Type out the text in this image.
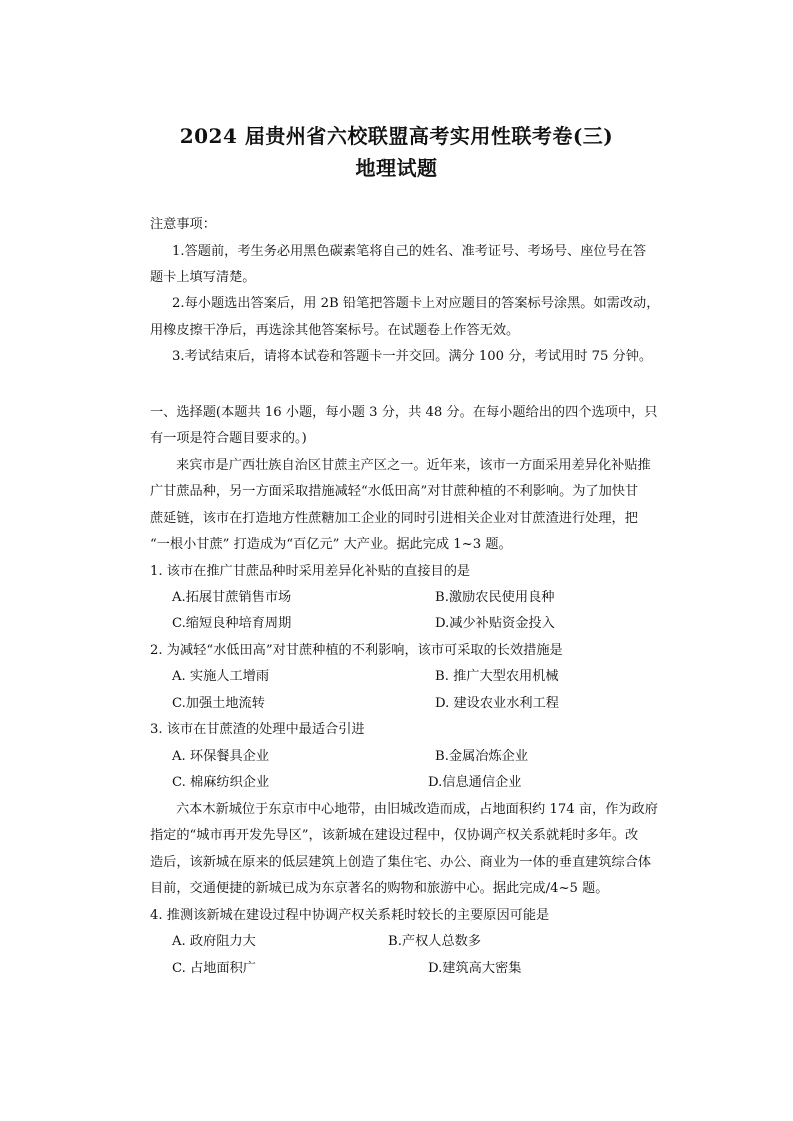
2024 届贵州省六校联盟高考实用性联考卷(三)
地理试题
注意事项：
1.答题前，考生务必用黑色碳素笔将自己的姓名、准考证号、考场号、座位号在答
题卡上填写清楚。
2.每小题选出答案后，用 2B 铅笔把答题卡上对应题目的答案标号涂黑。如需改动，
用橡皮擦干净后，再选涂其他答案标号。在试题卷上作答无效。
3.考试结束后，请将本试卷和答题卡一并交回。满分 100 分，考试用时 75 分钟。
一、选择题(本题共 16 小题，每小题 3 分，共 48 分。在每小题给出的四个选项中，只
有一项是符合题目要求的。)
来宾市是广西壮族自治区甘蔗主产区之一。近年来，该市一方面采用差异化补贴推
广甘蔗品种，另一方面采取措施减轻“水低田高”对甘蔗种植的不利影响。为了加快甘
蔗延链，该市在打造地方性蔗糖加工企业的同时引进相关企业对甘蔗渣进行处理，把
“一根小甘蔗” 打造成为“百亿元” 大产业。据此完成 1~3 题。
1. 该市在推广甘蔗品种时采用差异化补贴的直接目的是
A.拓展甘蔗销售市场	B.激励农民使用良种
C.缩短良种培育周期	D.减少补贴资金投入
2. 为减轻“水低田高”对甘蔗种植的不利影响，该市可采取的长效措施是
A. 实施人工增雨	B. 推广大型农用机械
C.加强土地流转	D. 建设农业水利工程
3. 该市在甘蔗渣的处理中最适合引进
A. 环保餐具企业	B.金属冶炼企业
C. 棉麻纺织企业	D.信息通信企业
六本木新城位于东京市中心地带，由旧城改造而成，占地面积约 174 亩，作为政府
指定的“城市再开发先导区”，该新城在建设过程中，仅协调产权关系就耗时多年。改
造后，该新城在原来的低层建筑上创造了集住宅、办公、商业为一体的垂直建筑综合体
目前，交通便捷的新城已成为东京著名的购物和旅游中心。据此完成/4~5 题。
4. 推测该新城在建设过程中协调产权关系耗时较长的主要原因可能是
A. 政府阻力大	B.产权人总数多
C. 占地面积广	D.建筑高大密集
